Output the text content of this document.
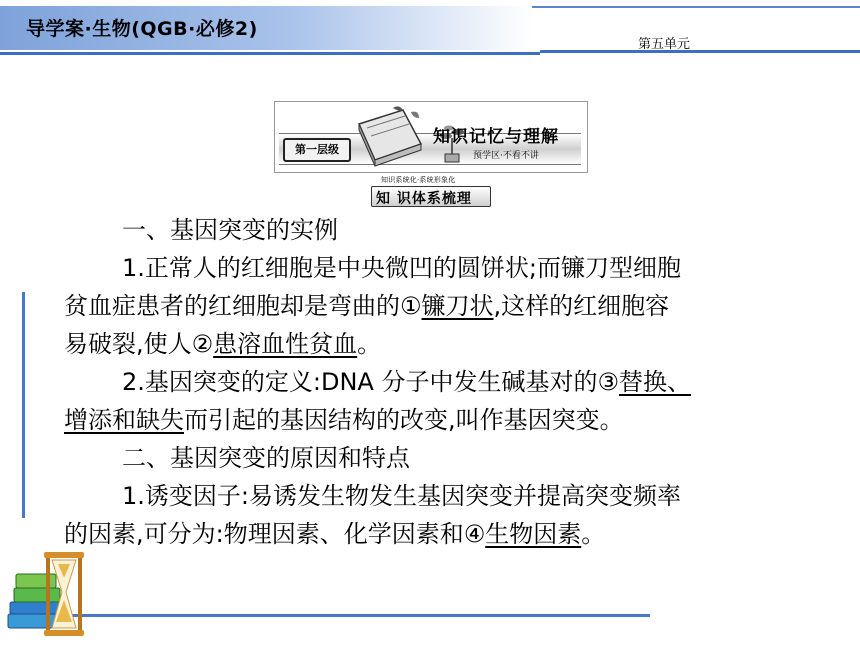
导学案·生物(QGB·必修2)
第五单元
第一层级
知识记忆与理解
预学区·不看不讲
知识系统化·系统形象化
知 识体系梳理
一、基因突变的实例
1.正常人的红细胞是中央微凹的圆饼状;而镰刀型细胞
贫血症患者的红细胞却是弯曲的①镰刀状,这样的红细胞容
易破裂,使人②患溶血性贫血。
2.基因突变的定义:DNA 分子中发生碱基对的③替换、
增添和缺失而引起的基因结构的改变,叫作基因突变。
二、基因突变的原因和特点
1.诱变因子:易诱发生物发生基因突变并提高突变频率
的因素,可分为:物理因素、化学因素和④生物因素。
